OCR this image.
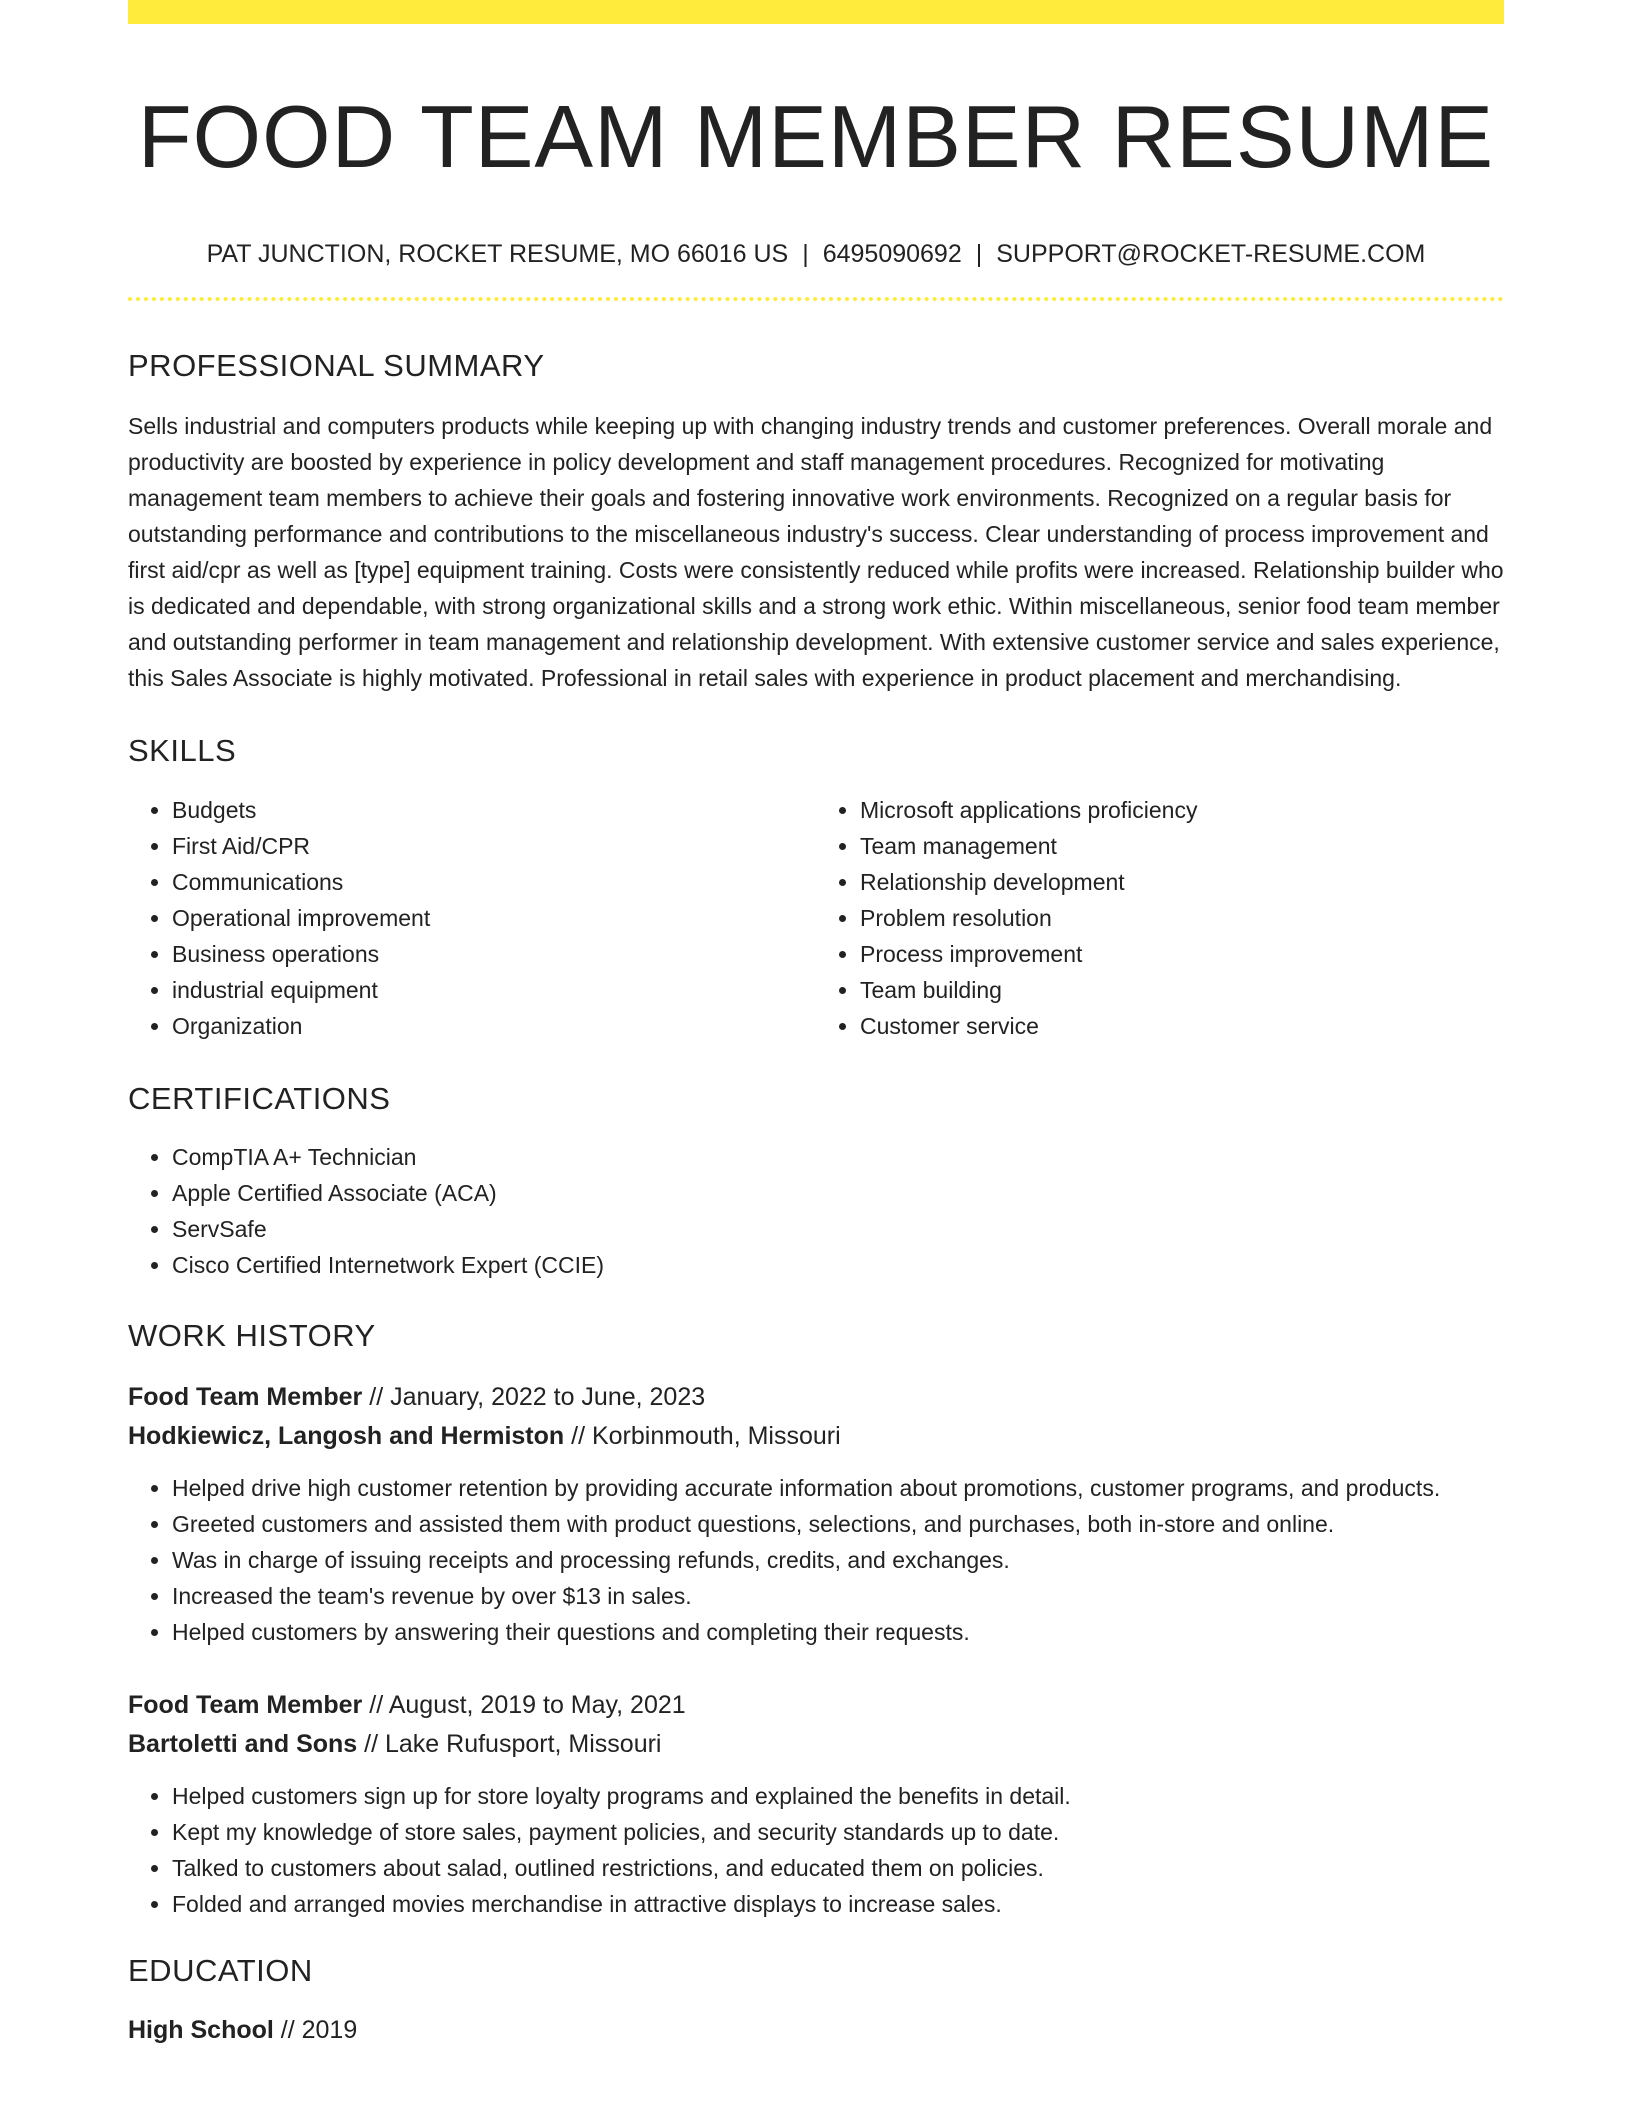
FOOD TEAM MEMBER RESUME
PAT JUNCTION, ROCKET RESUME, MO 66016 US | 6495090692 | SUPPORT@ROCKET-RESUME.COM
PROFESSIONAL SUMMARY

Sells industrial and computers products while keeping up with changing industry trends and customer preferences. Overall morale and productivity are boosted by experience in policy development and staff management procedures. Recognized for motivating management team members to achieve their goals and fostering innovative work environments. Recognized on a regular basis for outstanding performance and contributions to the miscellaneous industry's success. Clear understanding of process improvement and first aid/cpr as well as [type] equipment training. Costs were consistently reduced while profits were increased. Relationship builder who is dedicated and dependable, with strong organizational skills and a strong work ethic. Within miscellaneous, senior food team member and outstanding performer in team management and relationship development. With extensive customer service and sales experience, this Sales Associate is highly motivated. Professional in retail sales with experience in product placement and merchandising.

SKILLS
• Budgets
• First Aid/CPR
• Communications
• Operational improvement
• Business operations
• industrial equipment
• Organization
• Microsoft applications proficiency
• Team management
• Relationship development
• Problem resolution
• Process improvement
• Team building
• Customer service
CERTIFICATIONS
• CompTIA A+ Technician
• Apple Certified Associate (ACA)
• ServSafe
• Cisco Certified Internetwork Expert (CCIE)
WORK HISTORY
Food Team Member // January, 2022 to June, 2023
Hodkiewicz, Langosh and Hermiston // Korbinmouth, Missouri
• Helped drive high customer retention by providing accurate information about promotions, customer programs, and products.
• Greeted customers and assisted them with product questions, selections, and purchases, both in-store and online.
• Was in charge of issuing receipts and processing refunds, credits, and exchanges.
• Increased the team's revenue by over $13 in sales.
• Helped customers by answering their questions and completing their requests.
Food Team Member // August, 2019 to May, 2021
Bartoletti and Sons // Lake Rufusport, Missouri
• Helped customers sign up for store loyalty programs and explained the benefits in detail.
• Kept my knowledge of store sales, payment policies, and security standards up to date.
• Talked to customers about salad, outlined restrictions, and educated them on policies.
• Folded and arranged movies merchandise in attractive displays to increase sales.
EDUCATION
High School // 2019
